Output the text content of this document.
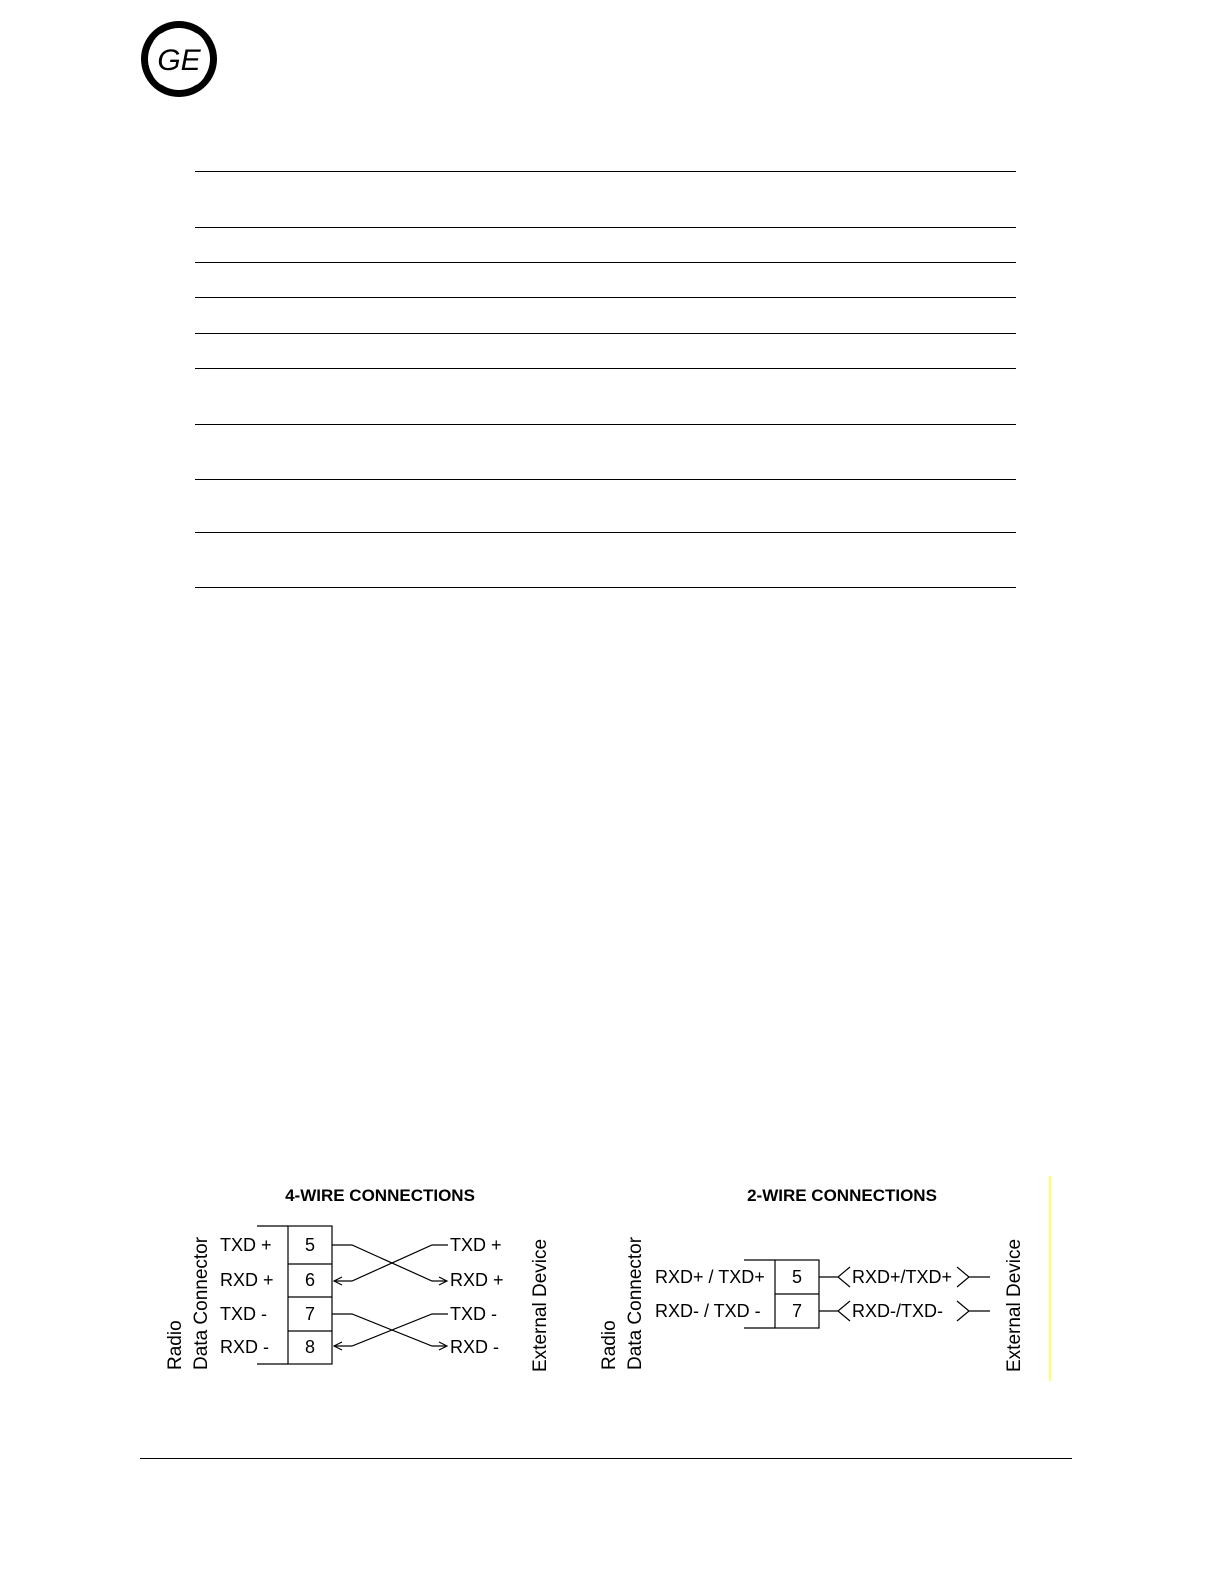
GE
4-WIRE CONNECTIONS
Radio Data Connector	External Device
TXD +
RXD +
TXD -
RXD -
5
6
7
8
TXD +
RXD +
TXD -
RXD -
2-WIRE CONNECTIONS
Radio Data Connector	External Device
RXD+ / TXD+
RXD- / TXD -
5
7
RXD+/TXD+
RXD-/TXD-
